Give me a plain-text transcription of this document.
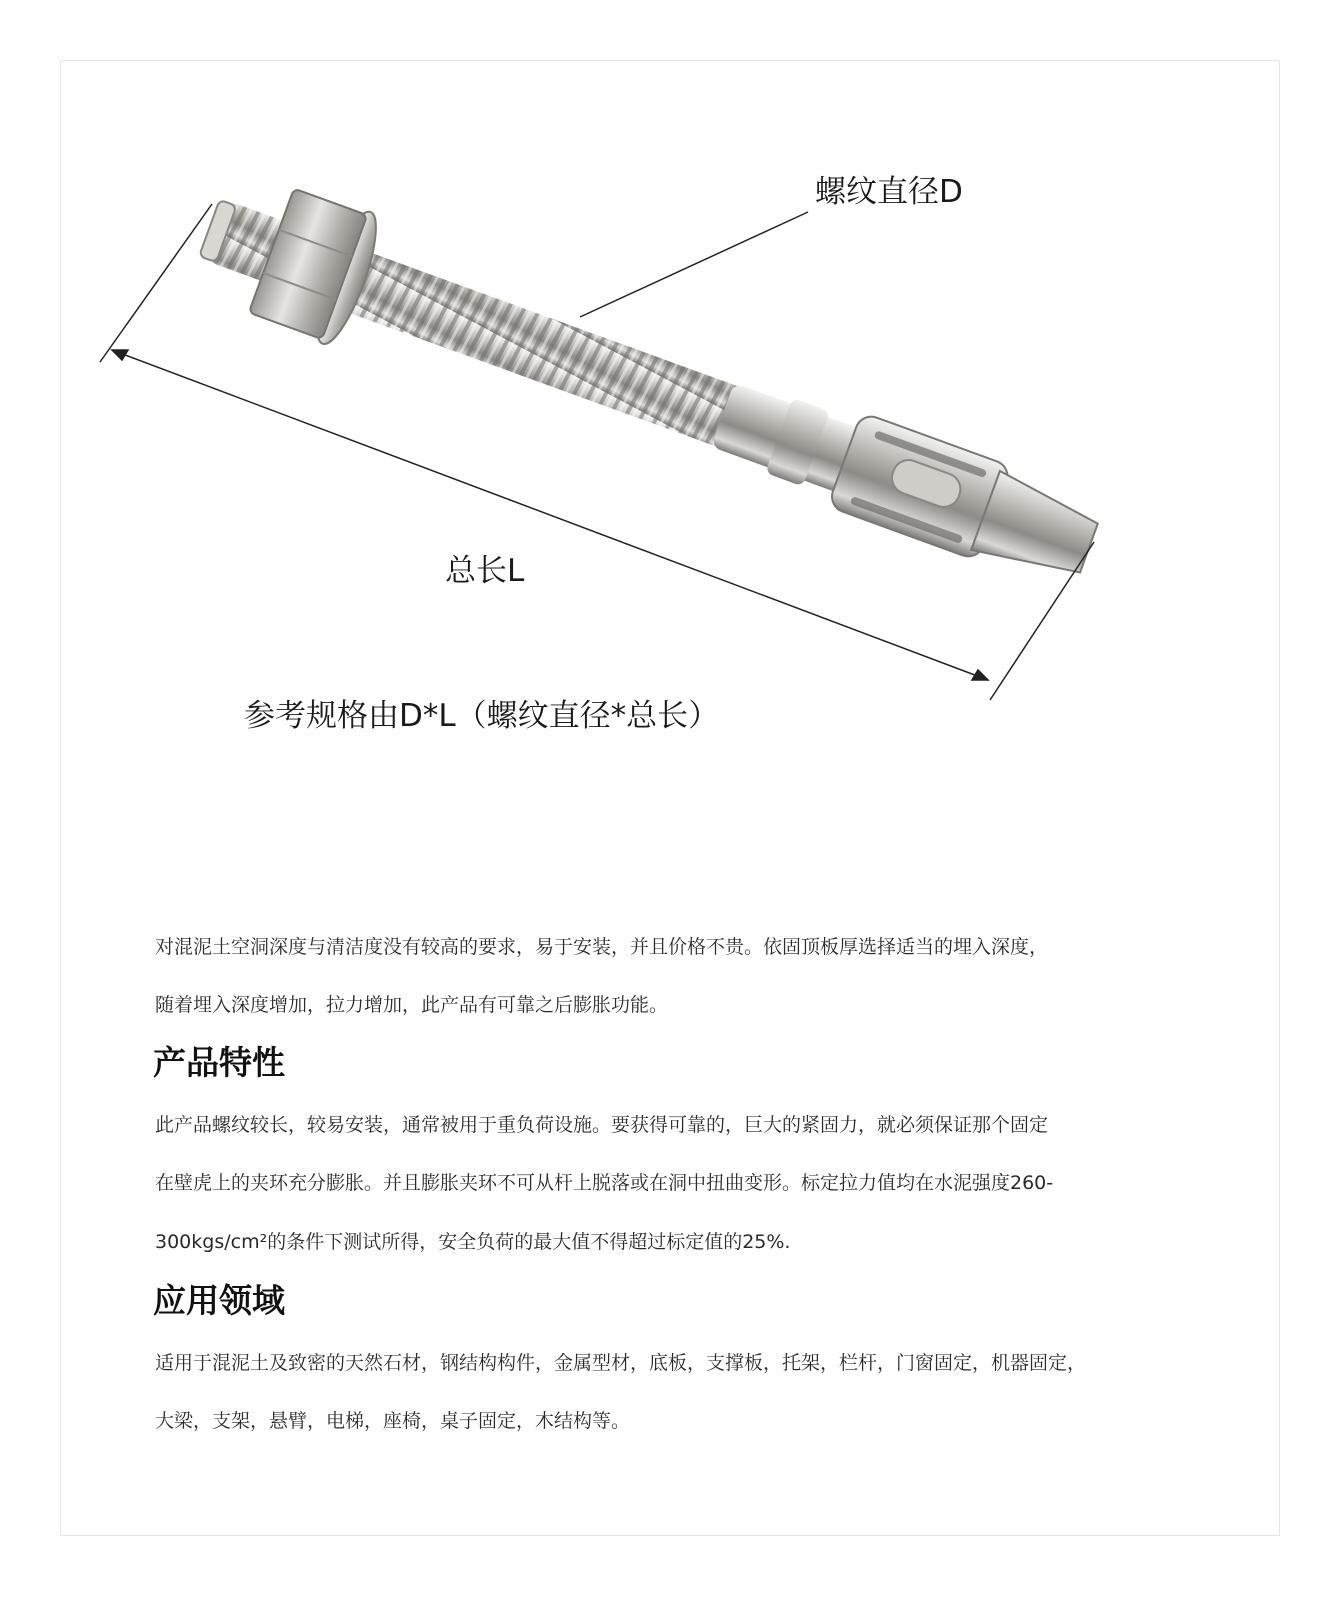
螺纹直径D
总长L
参考规格由D*L（螺纹直径*总长）
对混泥土空洞深度与清洁度没有较高的要求，易于安装，并且价格不贵。依固顶板厚选择适当的埋入深度，
随着埋入深度增加，拉力增加，此产品有可靠之后膨胀功能。
产品特性
此产品螺纹较长，较易安装，通常被用于重负荷设施。要获得可靠的，巨大的紧固力，就必须保证那个固定
在壁虎上的夹环充分膨胀。并且膨胀夹环不可从杆上脱落或在洞中扭曲变形。标定拉力值均在水泥强度260-
300kgs/cm²的条件下测试所得，安全负荷的最大值不得超过标定值的25%.
应用领域
适用于混泥土及致密的天然石材，钢结构构件，金属型材，底板，支撑板，托架，栏杆，门窗固定，机器固定，
大梁，支架，悬臂，电梯，座椅，桌子固定，木结构等。
